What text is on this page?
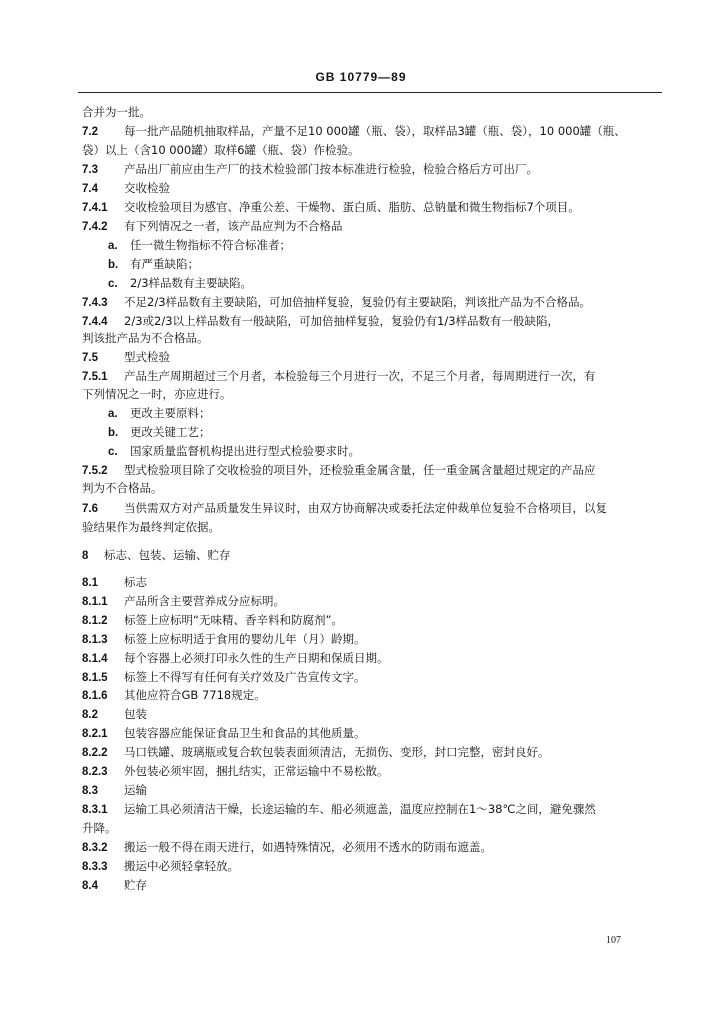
GB 10779—89
合并为一批。
7.2 每一批产品随机抽取样品，产量不足10 000罐（瓶、袋），取样品3罐（瓶、袋），10 000罐（瓶、
袋）以上（含10 000罐）取样6罐（瓶、袋）作检验。
7.3 产品出厂前应由生产厂的技术检验部门按本标准进行检验，检验合格后方可出厂。
7.4 交收检验
7.4.1 交收检验项目为感官、净重公差、干燥物、蛋白质、脂肪、总钠量和微生物指标7个项目。
7.4.2 有下列情况之一者，该产品应判为不合格品
a. 任一微生物指标不符合标准者；
b. 有严重缺陷；
c. 2/3样品数有主要缺陷。
7.4.3 不足2/3样品数有主要缺陷，可加倍抽样复验，复验仍有主要缺陷，判该批产品为不合格品。
7.4.4 2/3或2/3以上样品数有一般缺陷，可加倍抽样复验，复验仍有1/3样品数有一般缺陷，
判该批产品为不合格品。
7.5 型式检验
7.5.1 产品生产周期超过三个月者，本检验每三个月进行一次，不足三个月者，每周期进行一次，有
下列情况之一时，亦应进行。
a. 更改主要原料；
b. 更改关键工艺；
c. 国家质量监督机构提出进行型式检验要求时。
7.5.2 型式检验项目除了交收检验的项目外，还检验重金属含量，任一重金属含量超过规定的产品应
判为不合格品。
7.6 当供需双方对产品质量发生异议时，由双方协商解决或委托法定仲裁单位复验不合格项目，以复
验结果作为最终判定依据。
8 标志、包装、运输、贮存
8.1 标志
8.1.1 产品所含主要营养成分应标明。
8.1.2 标签上应标明“无味精、香辛料和防腐剂”。
8.1.3 标签上应标明适于食用的婴幼儿年（月）龄期。
8.1.4 每个容器上必须打印永久性的生产日期和保质日期。
8.1.5 标签上不得写有任何有关疗效及广告宣传文字。
8.1.6 其他应符合GB 7718规定。
8.2 包装
8.2.1 包装容器应能保证食品卫生和食品的其他质量。
8.2.2 马口铁罐、玻璃瓶或复合软包装表面须清洁，无损伤、变形，封口完整，密封良好。
8.2.3 外包装必须牢固，捆扎结实，正常运输中不易松散。
8.3 运输
8.3.1 运输工具必须清洁干燥，长途运输的车、船必须遮盖，温度应控制在1～38℃之间，避免骤然
升降。
8.3.2 搬运一般不得在雨天进行，如遇特殊情况，必须用不透水的防雨布遮盖。
8.3.3 搬运中必须轻拿轻放。
8.4 贮存
107
